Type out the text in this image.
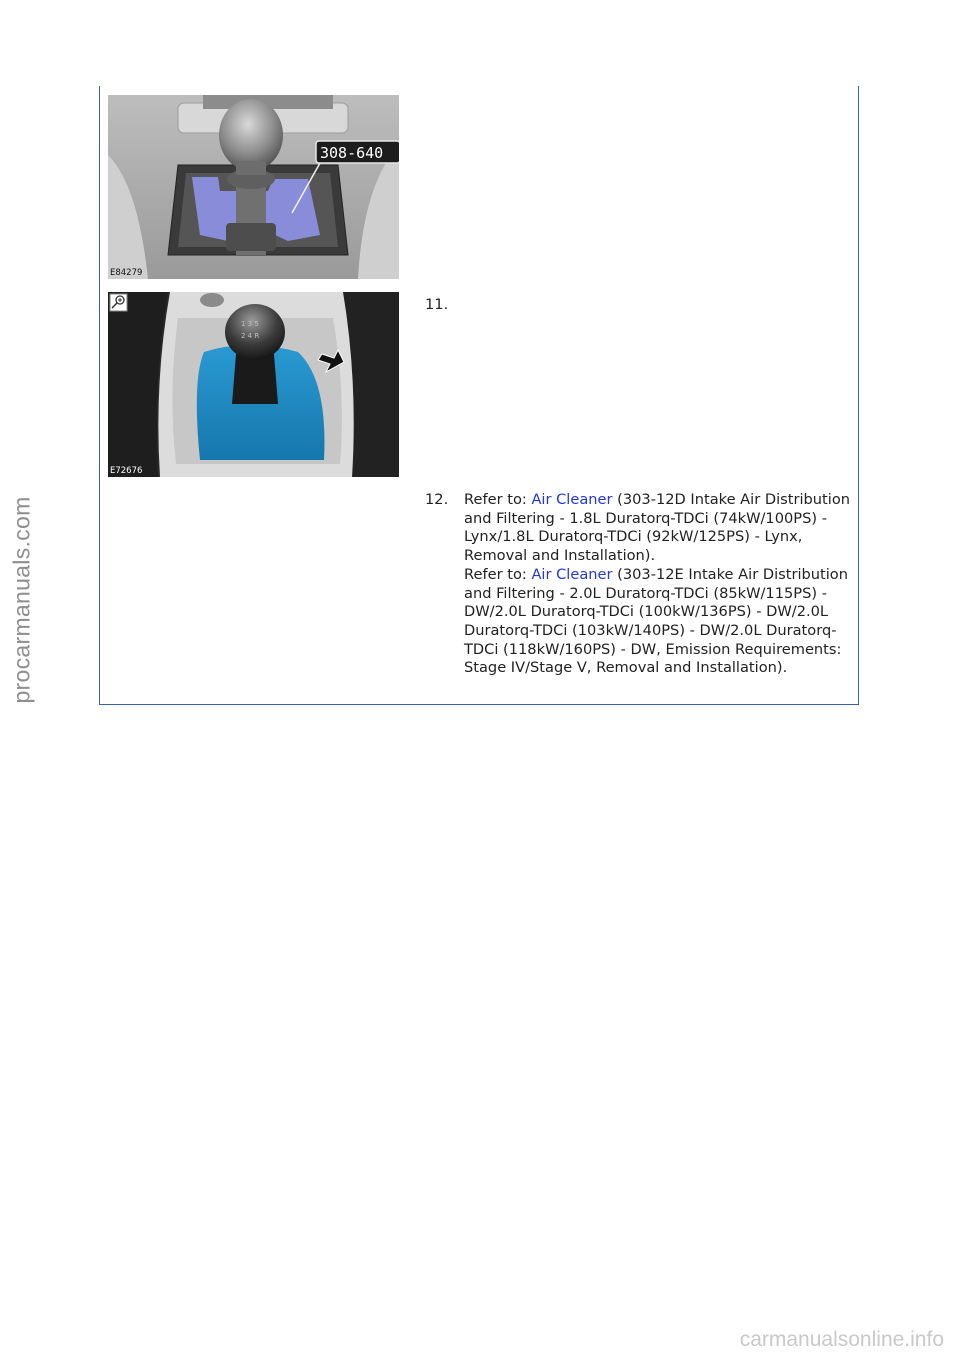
procarmanuals.com
308-640
E84279
1 3 5
2 4 R
E72676
11.
12. Refer to: Air Cleaner (303-12D Intake Air Distribution and Filtering - 1.8L Duratorq-TDCi (74kW/100PS) - Lynx/1.8L Duratorq-TDCi (92kW/125PS) - Lynx, Removal and Installation).
Refer to: Air Cleaner (303-12E Intake Air Distribution and Filtering - 2.0L Duratorq-TDCi (85kW/115PS) - DW/2.0L Duratorq-TDCi (100kW/136PS) - DW/2.0L Duratorq-TDCi (103kW/140PS) - DW/2.0L Duratorq-TDCi (118kW/160PS) - DW, Emission Requirements: Stage IV/Stage V, Removal and Installation).
carmanualsonline.info
